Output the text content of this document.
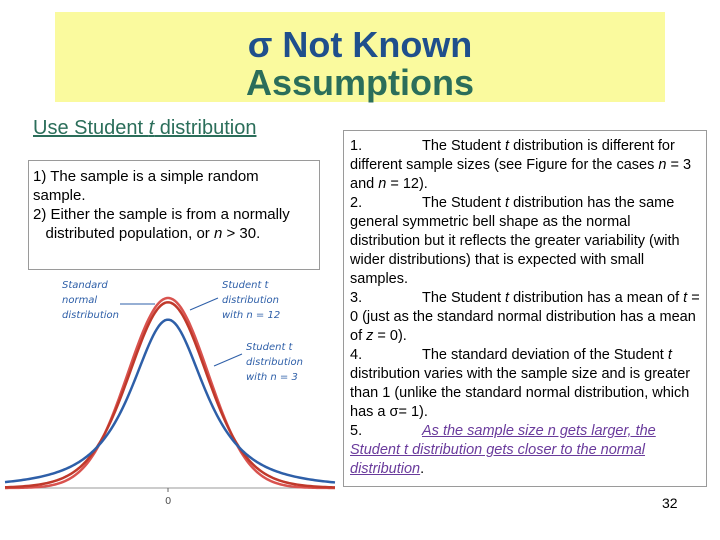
σ Not Known
Assumptions
Use Student t distribution
1) The sample is a simple random sample.
2) Either the sample is from a normally    distributed population, or n > 30.
Standard
normal
distribution
Student t
distribution
with n = 12
Student t
distribution
with n = 3
0
1.	The Student t distribution is different for different sample sizes (see Figure for the cases n = 3 and n = 12).
2.	The Student t distribution has the same general symmetric bell shape as the normal distribution but it reflects the greater variability (with wider distributions) that is expected with small samples.
3.	The Student t distribution has a mean of t = 0 (just as the standard normal distribution has a mean of z = 0).
4.	The standard deviation of the Student t distribution varies with the sample size and is greater than 1 (unlike the standard normal distribution, which has a σ= 1).
5.	As the sample size n gets larger, the Student t distribution gets closer to the normal distribution.
32
